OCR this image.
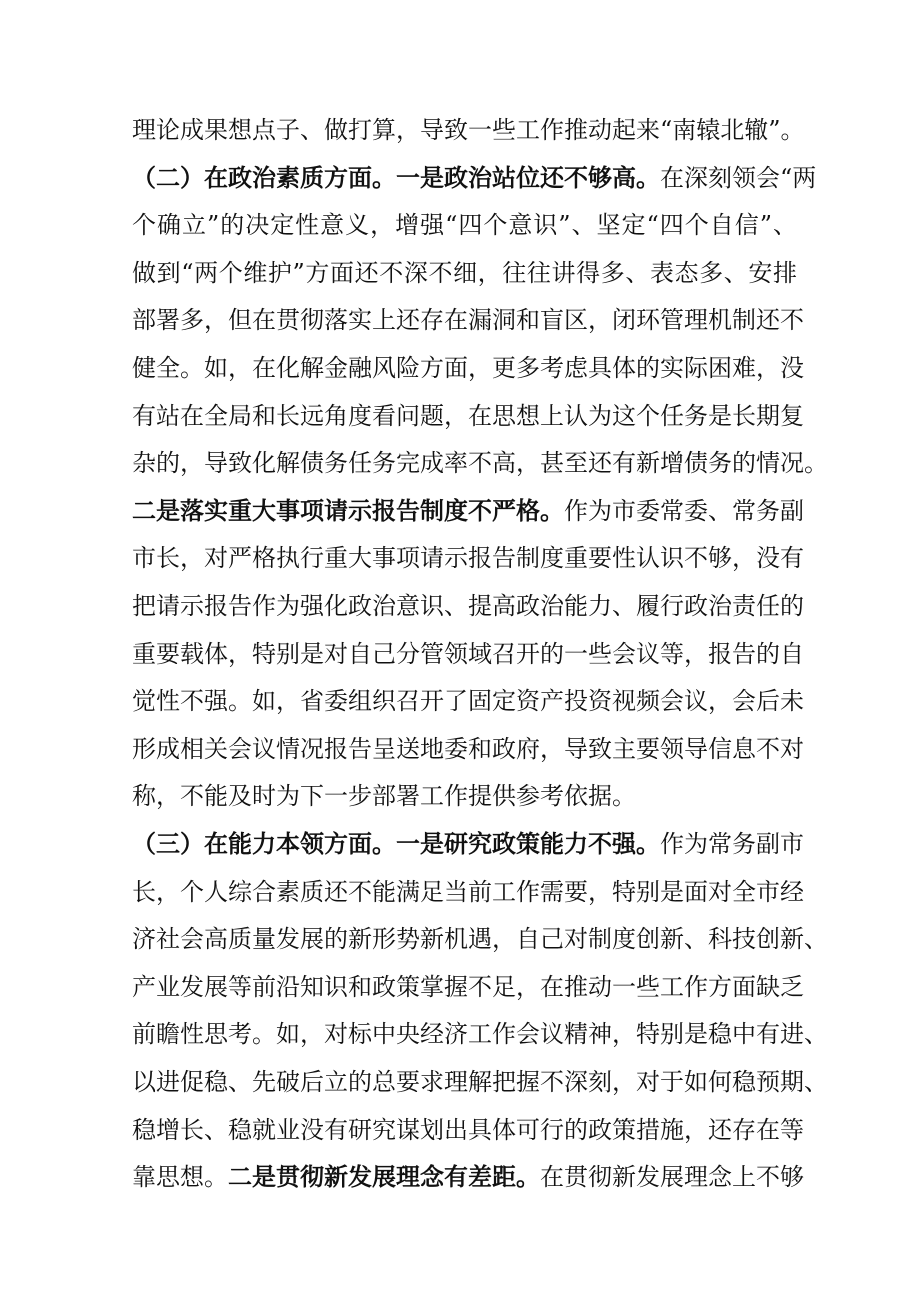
理论成果想点子、做打算，导致一些工作推动起来“南辕北辙”。
（二）在政治素质方面。一是政治站位还不够高。在深刻领会“两
个确立”的决定性意义，增强“四个意识”、坚定“四个自信”、
做到“两个维护”方面还不深不细，往往讲得多、表态多、安排
部署多，但在贯彻落实上还存在漏洞和盲区，闭环管理机制还不
健全。如，在化解金融风险方面，更多考虑具体的实际困难，没
有站在全局和长远角度看问题，在思想上认为这个任务是长期复
杂的，导致化解债务任务完成率不高，甚至还有新增债务的情况。
二是落实重大事项请示报告制度不严格。作为市委常委、常务副
市长，对严格执行重大事项请示报告制度重要性认识不够，没有
把请示报告作为强化政治意识、提高政治能力、履行政治责任的
重要载体，特别是对自己分管领域召开的一些会议等，报告的自
觉性不强。如，省委组织召开了固定资产投资视频会议，会后未
形成相关会议情况报告呈送地委和政府，导致主要领导信息不对
称，不能及时为下一步部署工作提供参考依据。
（三）在能力本领方面。一是研究政策能力不强。作为常务副市
长，个人综合素质还不能满足当前工作需要，特别是面对全市经
济社会高质量发展的新形势新机遇，自己对制度创新、科技创新、
产业发展等前沿知识和政策掌握不足，在推动一些工作方面缺乏
前瞻性思考。如，对标中央经济工作会议精神，特别是稳中有进、
以进促稳、先破后立的总要求理解把握不深刻，对于如何稳预期、
稳增长、稳就业没有研究谋划出具体可行的政策措施，还存在等
靠思想。二是贯彻新发展理念有差距。在贯彻新发展理念上不够
